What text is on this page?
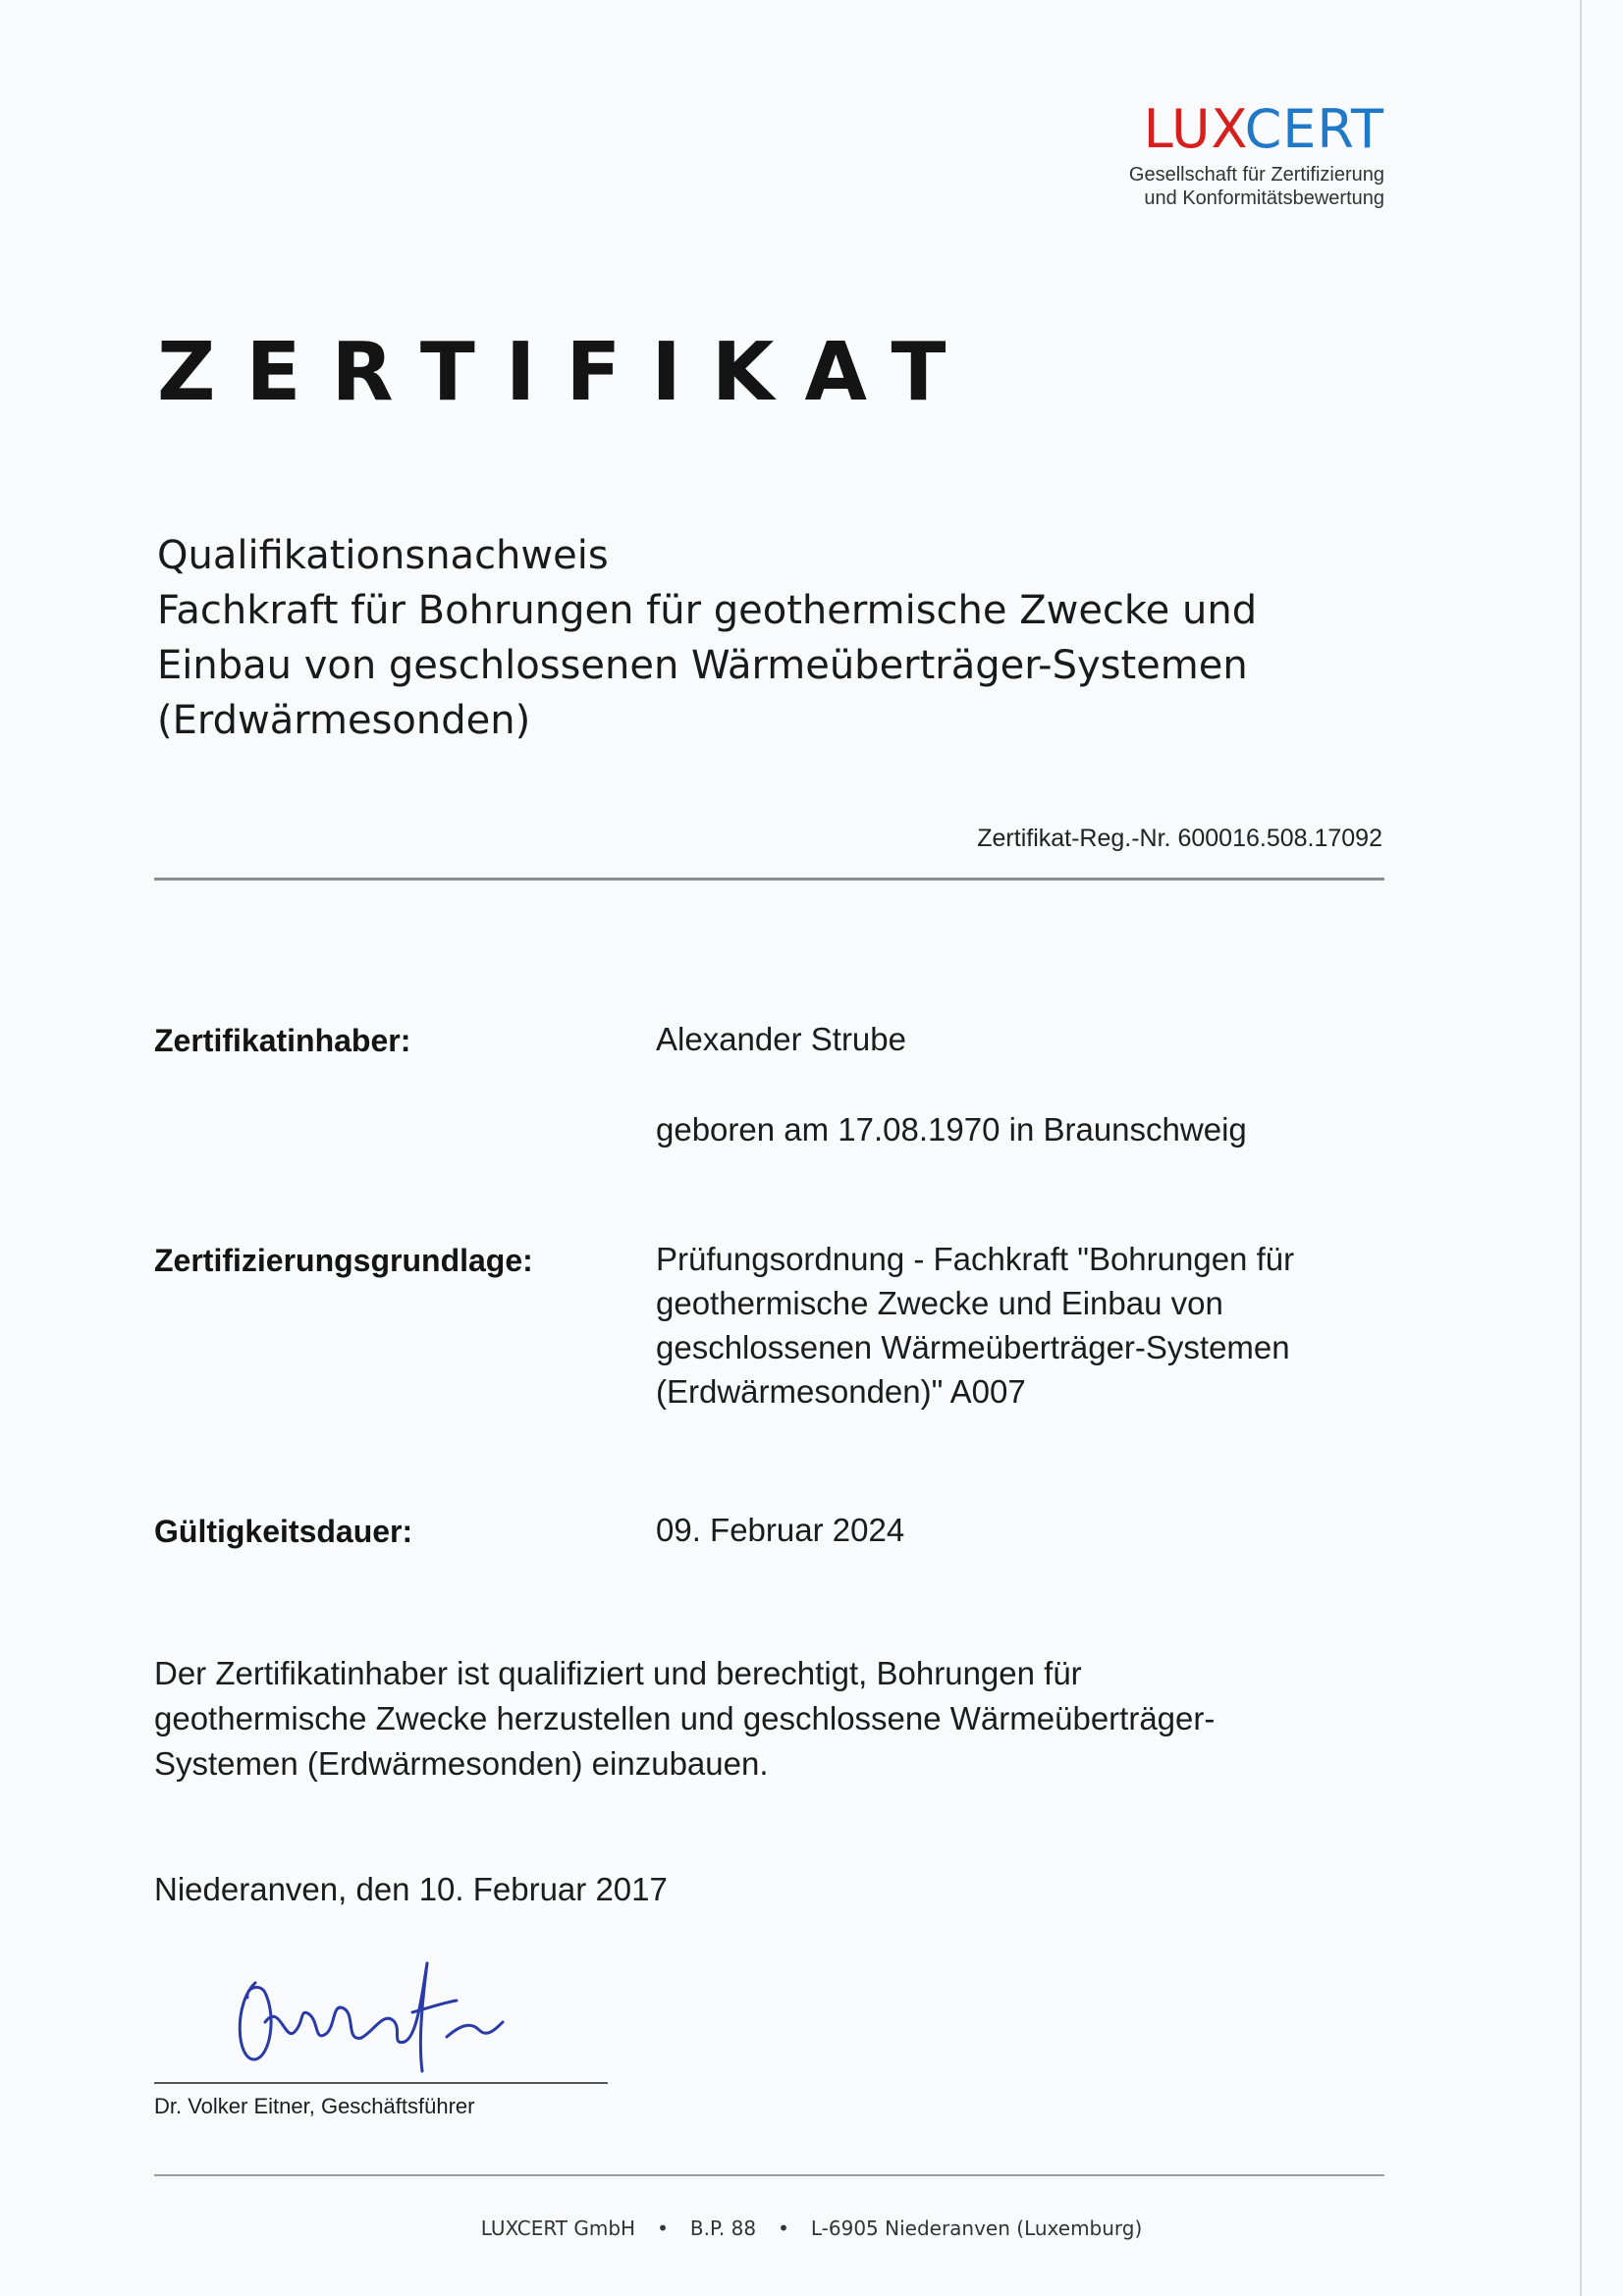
LUXCERT
Gesellschaft für Zertifizierung
und Konformitätsbewertung
ZERTIFIKAT
Qualifikationsnachweis
Fachkraft für Bohrungen für geothermische Zwecke und
Einbau von geschlossenen Wärmeüberträger-Systemen
(Erdwärmesonden)
Zertifikat-Reg.-Nr. 600016.508.17092
Zertifikatinhaber:	Alexander Strube
geboren am 17.08.1970 in Braunschweig
Zertifizierungsgrundlage:	Prüfungsordnung - Fachkraft "Bohrungen für
geothermische Zwecke und Einbau von
geschlossenen Wärmeüberträger-Systemen
(Erdwärmesonden)" A007
Gültigkeitsdauer:	09. Februar 2024
Der Zertifikatinhaber ist qualifiziert und berechtigt, Bohrungen für
geothermische Zwecke herzustellen und geschlossene Wärmeüberträger-
Systemen (Erdwärmesonden) einzubauen.
Niederanven, den 10. Februar 2017
Dr. Volker Eitner, Geschäftsführer
LUXCERT GmbH • B.P. 88 • L-6905 Niederanven (Luxemburg)
